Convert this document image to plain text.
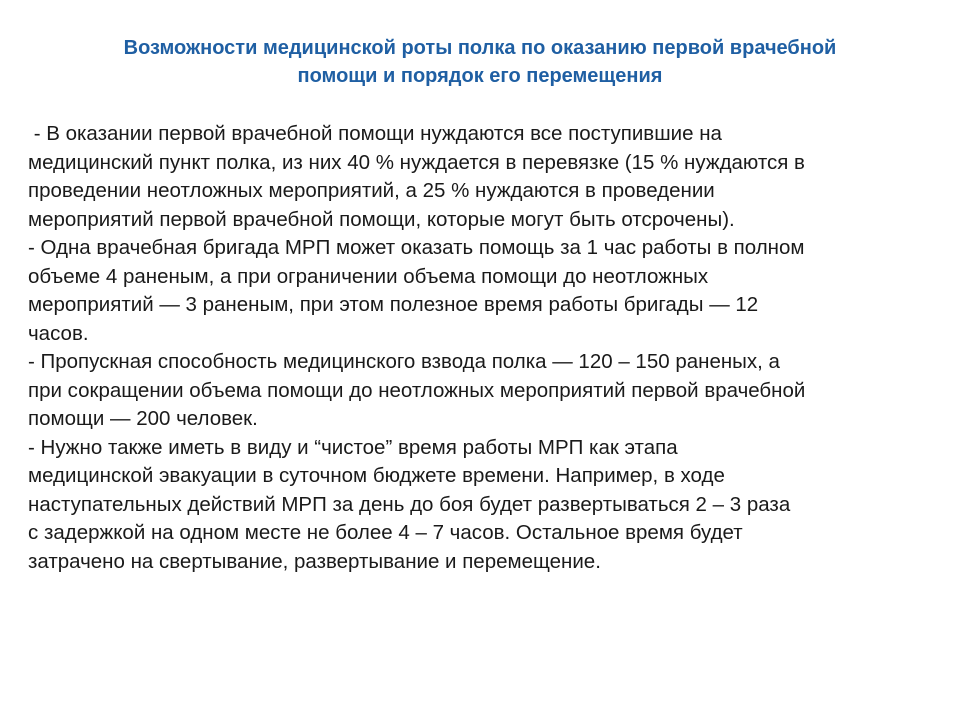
Возможности медицинской роты полка по оказанию первой врачебной
помощи и порядок его перемещения
- В оказании первой врачебной помощи нуждаются все поступившие на
медицинский пункт полка, из них 40 % нуждается в перевязке (15 % нуждаются в
проведении неотложных мероприятий, а 25 % нуждаются в проведении
мероприятий первой врачебной помощи, которые могут быть отсрочены).
- Одна врачебная бригада МРП может оказать помощь за 1 час работы в полном
объеме 4 раненым, а при ограничении объема помощи до неотложных
мероприятий — 3 раненым, при этом полезное время работы бригады — 12
часов.
- Пропускная способность медицинского взвода полка — 120 – 150 раненых, а
при сокращении объема помощи до неотложных мероприятий первой врачебной
помощи — 200 человек.
- Нужно также иметь в виду и “чистое” время работы МРП как этапа
медицинской эвакуации в суточном бюджете времени. Например, в ходе
наступательных действий МРП за день до боя будет развертываться 2 – 3 раза
с задержкой на одном месте не более 4 – 7 часов. Остальное время будет
затрачено на свертывание, развертывание и перемещение.
